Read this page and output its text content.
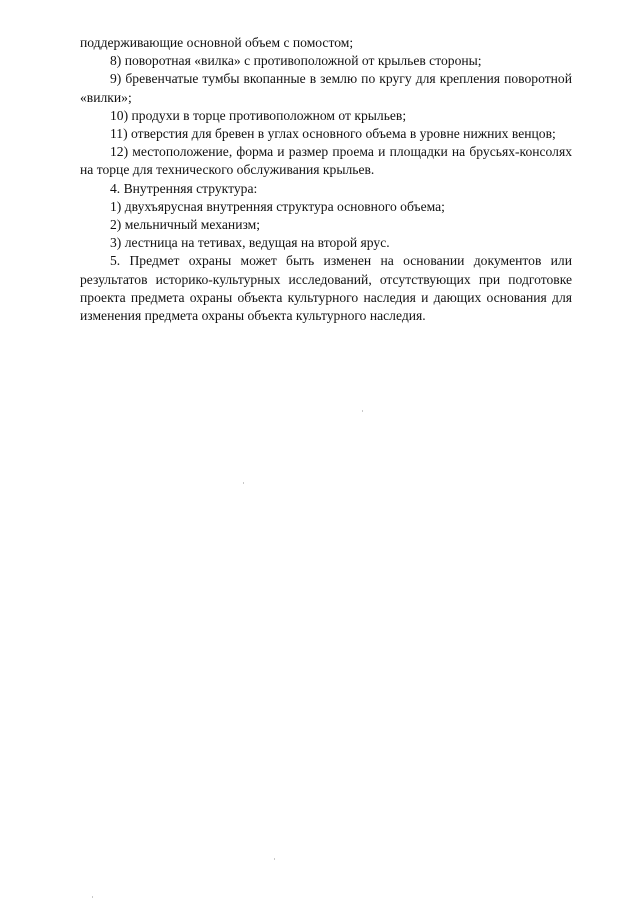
поддерживающие основной объем с помостом;

8) поворотная «вилка» с противоположной от крыльев стороны;

9) бревенчатые тумбы вкопанные в землю по кругу для крепления поворотной «вилки»;

10) продухи в торце противоположном от крыльев;

11) отверстия для бревен в углах основного объема в уровне нижних венцов;

12) местоположение, форма и размер проема и площадки на брусьях-консолях на торце для технического обслуживания крыльев.

4. Внутренняя структура:

1) двухъярусная внутренняя структура основного объема;

2) мельничный механизм;

3) лестница на тетивах, ведущая на второй ярус.

5. Предмет охраны может быть изменен на основании документов или результатов историко-культурных исследований, отсутствующих при подготовке проекта предмета охраны объекта культурного наследия и дающих основания для изменения предмета охраны объекта культурного наследия.
